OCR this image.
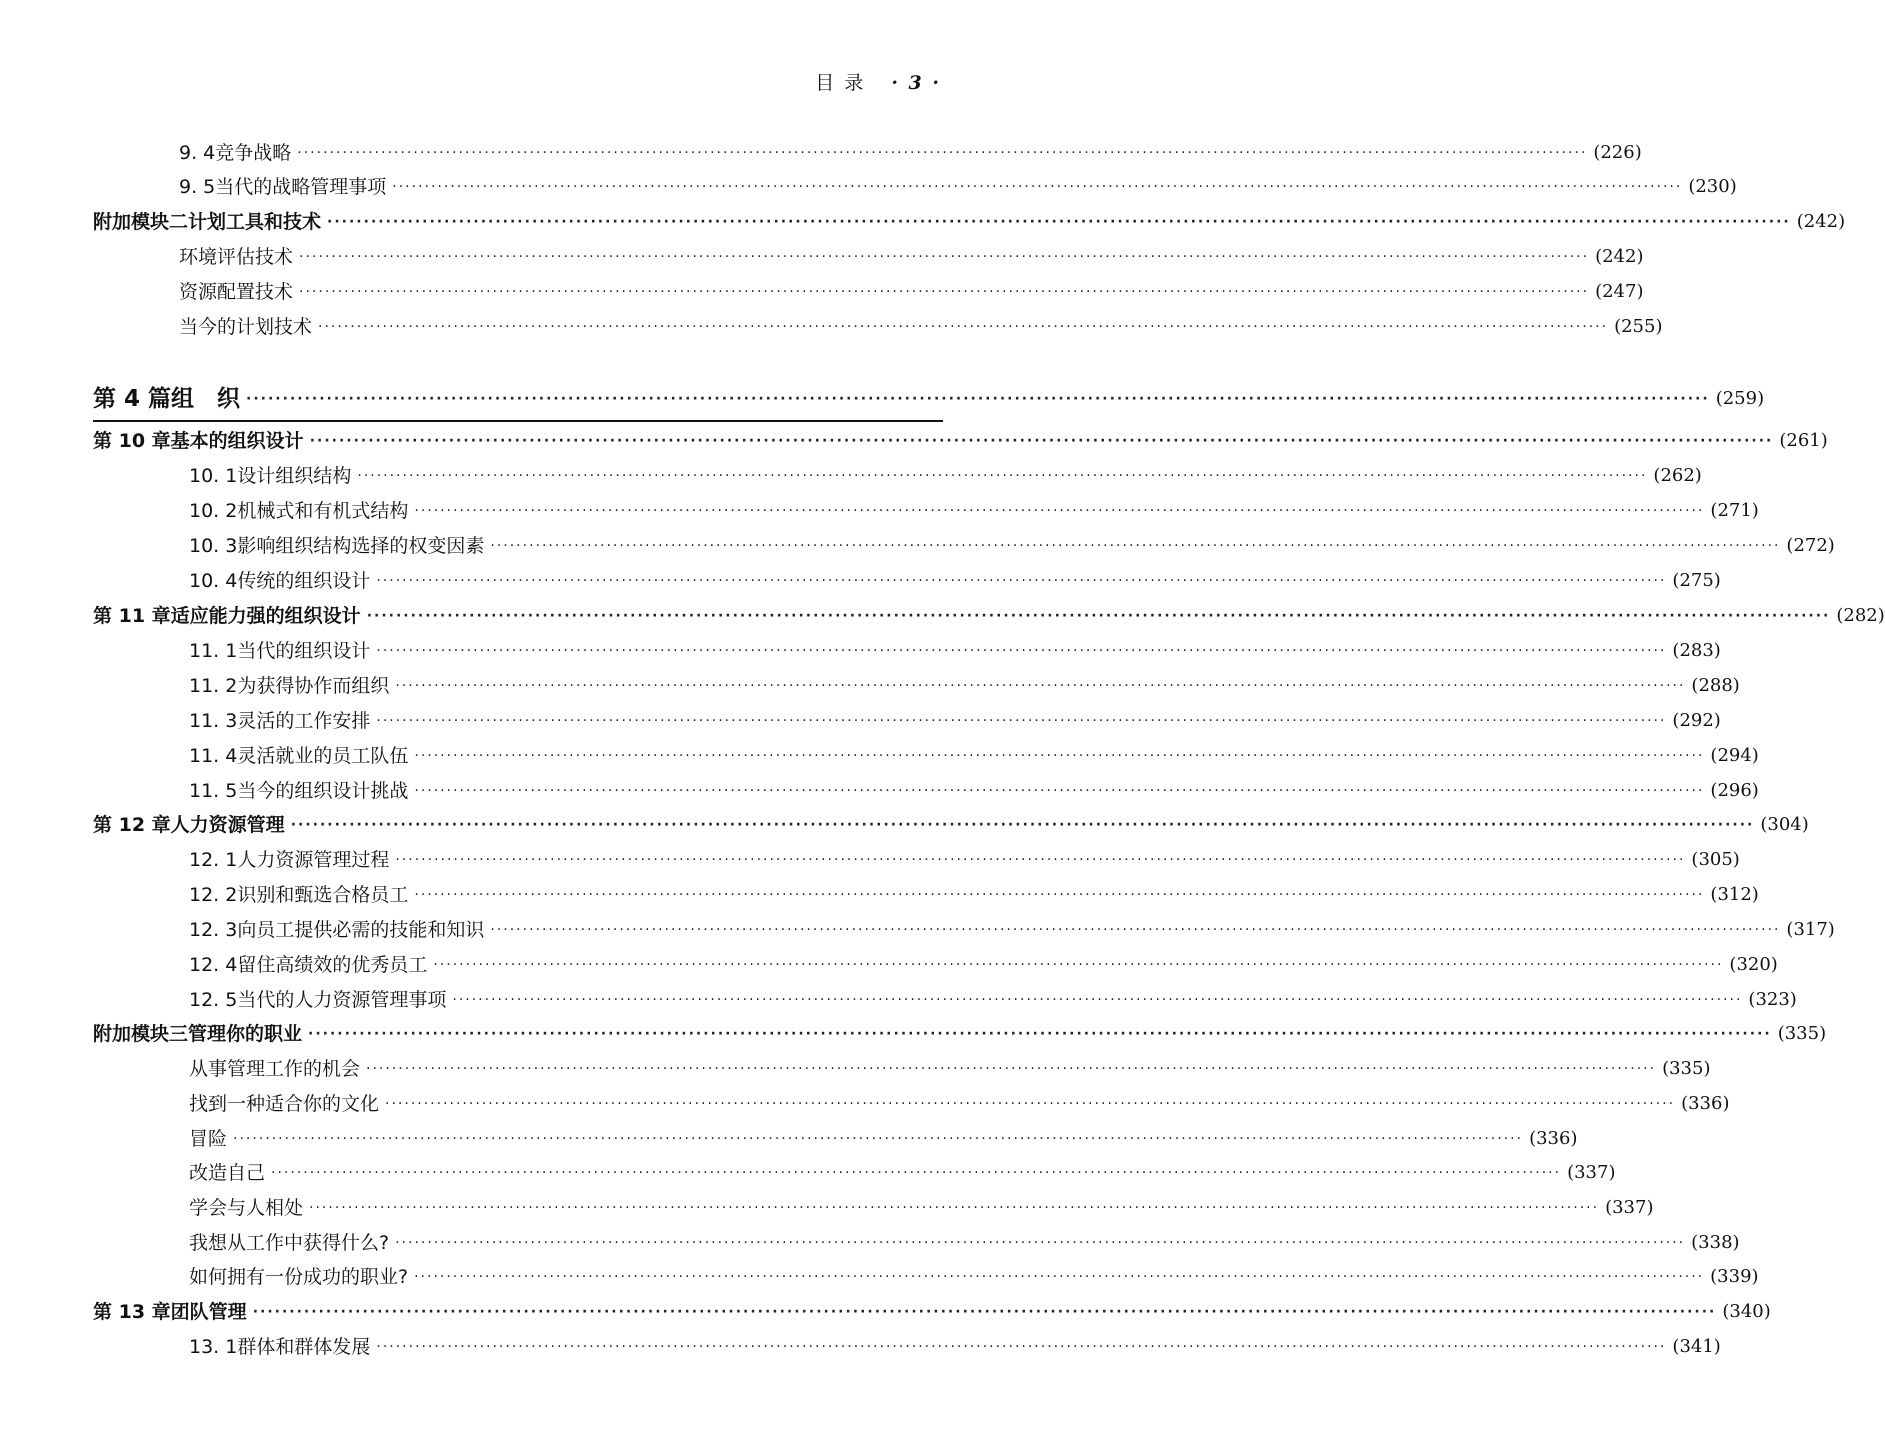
目 录 · 3 ·
9. 4 竞争战略 ········································································································································································································ (226)
9. 5 当代的战略管理事项 ········································································································································································································ (230)
附加模块二 计划工具和技术 ········································································································································································································ (242)
环境评估技术 ········································································································································································································ (242)
资源配置技术 ········································································································································································································ (247)
当今的计划技术 ········································································································································································································ (255)
第 4 篇 组　织 ········································································································································································································ (259)
第 10 章 基本的组织设计 ········································································································································································································ (261)
10. 1 设计组织结构 ········································································································································································································ (262)
10. 2 机械式和有机式结构 ········································································································································································································ (271)
10. 3 影响组织结构选择的权变因素 ········································································································································································································ (272)
10. 4 传统的组织设计 ········································································································································································································ (275)
第 11 章 适应能力强的组织设计 ········································································································································································································ (282)
11. 1 当代的组织设计 ········································································································································································································ (283)
11. 2 为获得协作而组织 ········································································································································································································ (288)
11. 3 灵活的工作安排 ········································································································································································································ (292)
11. 4 灵活就业的员工队伍 ········································································································································································································ (294)
11. 5 当今的组织设计挑战 ········································································································································································································ (296)
第 12 章 人力资源管理 ········································································································································································································ (304)
12. 1 人力资源管理过程 ········································································································································································································ (305)
12. 2 识别和甄选合格员工 ········································································································································································································ (312)
12. 3 向员工提供必需的技能和知识 ········································································································································································································ (317)
12. 4 留住高绩效的优秀员工 ········································································································································································································ (320)
12. 5 当代的人力资源管理事项 ········································································································································································································ (323)
附加模块三 管理你的职业 ········································································································································································································ (335)
从事管理工作的机会 ········································································································································································································ (335)
找到一种适合你的文化 ········································································································································································································ (336)
冒险 ········································································································································································································ (336)
改造自己 ········································································································································································································ (337)
学会与人相处 ········································································································································································································ (337)
我想从工作中获得什么? ········································································································································································································ (338)
如何拥有一份成功的职业? ········································································································································································································ (339)
第 13 章 团队管理 ········································································································································································································ (340)
13. 1 群体和群体发展 ········································································································································································································ (341)
